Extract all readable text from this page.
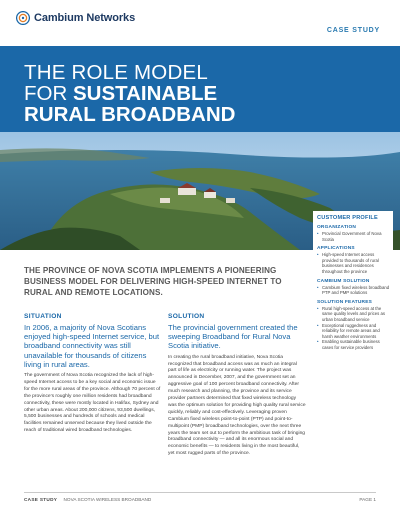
Cambium Networks
CASE STUDY
THE ROLE MODEL
FOR SUSTAINABLE
RURAL BROADBAND
CUSTOMER PROFILE
ORGANIZATION
• Provincial Government of Nova Scotia
APPLICATIONS
• High-speed Internet access provided to thousands of rural businesses and residences throughout the province
CAMBIUM SOLUTION
• Cambium fixed wireless broadband PTP and PMP solutions
SOLUTION FEATURES
• Rural high-speed access at the same quality levels and prices as urban broadband service
• Exceptional ruggedness and reliability for remote areas and harsh weather environments
• Enabling sustainable business cases for service providers
THE PROVINCE OF NOVA SCOTIA IMPLEMENTS A PIONEERING BUSINESS MODEL FOR DELIVERING HIGH-SPEED INTERNET TO RURAL AND REMOTE LOCATIONS.
SITUATION
In 2006, a majority of Nova Scotians enjoyed high-speed Internet service, but broadband connectivity was still unavailable for thousands of citizens living in rural areas.
The government of Nova Scotia recognized the lack of high-speed Internet access to be a key social and economic issue for the more rural areas of the province. Although 70 percent of the province's roughly one million residents had broadband connectivity, these were mostly located in Halifax, Sydney and other urban areas. About 200,000 citizens, 93,500 dwellings, 5,500 businesses and hundreds of schools and medical facilities remained unserved because they lived outside the reach of traditional wired broadband technologies.
SOLUTION
The provincial government created the sweeping Broadband for Rural Nova Scotia initiative.
In creating the rural broadband initiative, Nova Scotia recognized that broadband access was as much an integral part of life as electricity or running water. The project was announced in December, 2007, and the government set an aggressive goal of 100 percent broadband connectivity. After much research and planning, the province and its service provider partners determined that fixed wireless technology was the optimum solution for providing high quality rural service quickly, reliably and cost-effectively. Leveraging proven Cambium fixed wireless point-to-point (PTP) and point-to-multipoint (PMP) broadband technologies, over the next three years the team set out to perform the ambitious task of bringing broadband connectivity — and all its enormous social and economic benefits — to residents living in the most beautiful, yet most rugged parts of the province.
CASE STUDY NOVA SCOTIA WIRELESS BROADBAND	PAGE 1
